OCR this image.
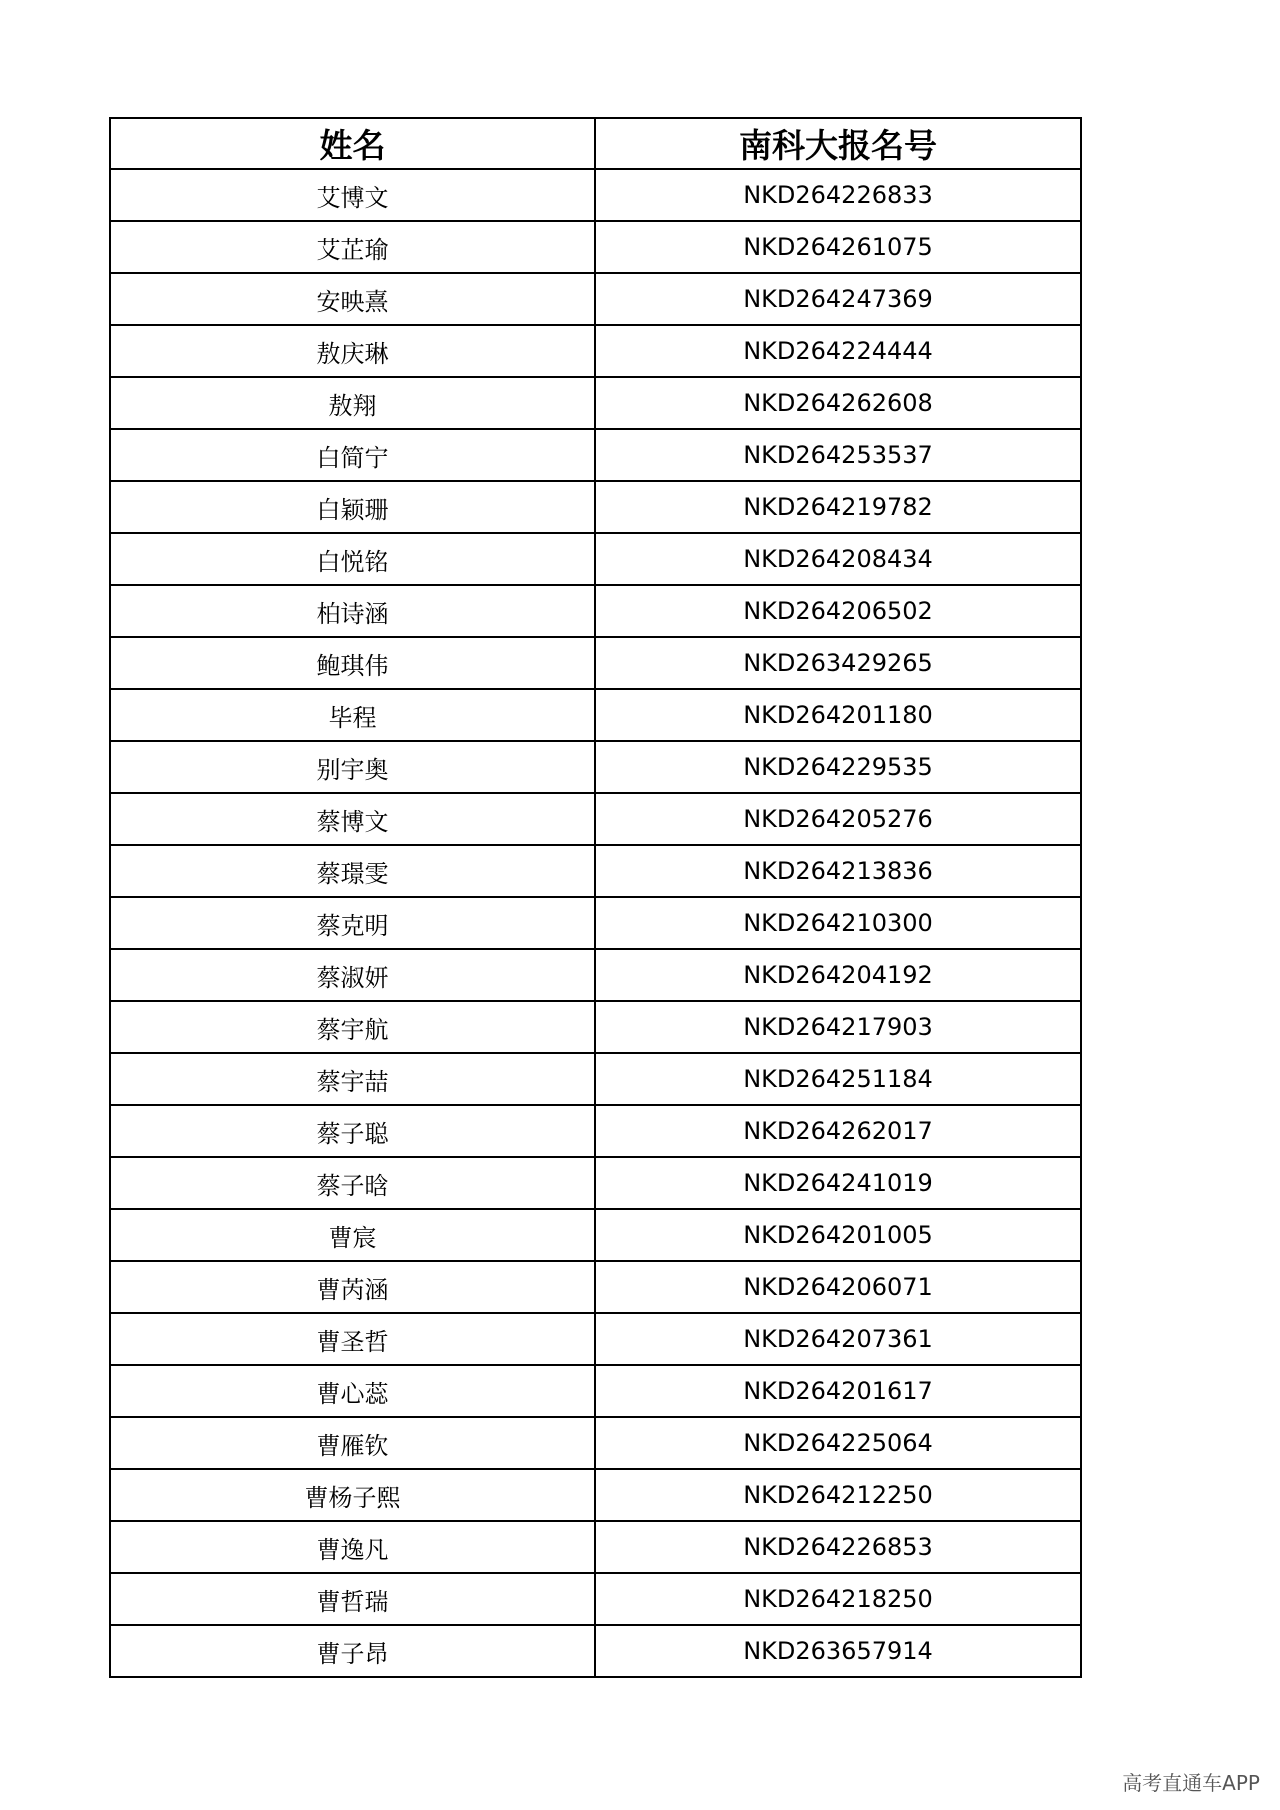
姓名	南科大报名号
艾博文	NKD264226833
艾芷瑜	NKD264261075
安映熹	NKD264247369
敖庆琳	NKD264224444
敖翔	NKD264262608
白简宁	NKD264253537
白颖珊	NKD264219782
白悦铭	NKD264208434
柏诗涵	NKD264206502
鲍琪伟	NKD263429265
毕程	NKD264201180
别宇奥	NKD264229535
蔡博文	NKD264205276
蔡璟雯	NKD264213836
蔡克明	NKD264210300
蔡淑妍	NKD264204192
蔡宇航	NKD264217903
蔡宇喆	NKD264251184
蔡子聪	NKD264262017
蔡子晗	NKD264241019
曹宸	NKD264201005
曹芮涵	NKD264206071
曹圣哲	NKD264207361
曹心蕊	NKD264201617
曹雁钦	NKD264225064
曹杨子熙	NKD264212250
曹逸凡	NKD264226853
曹哲瑞	NKD264218250
曹子昂	NKD263657914
高考直通车APP
